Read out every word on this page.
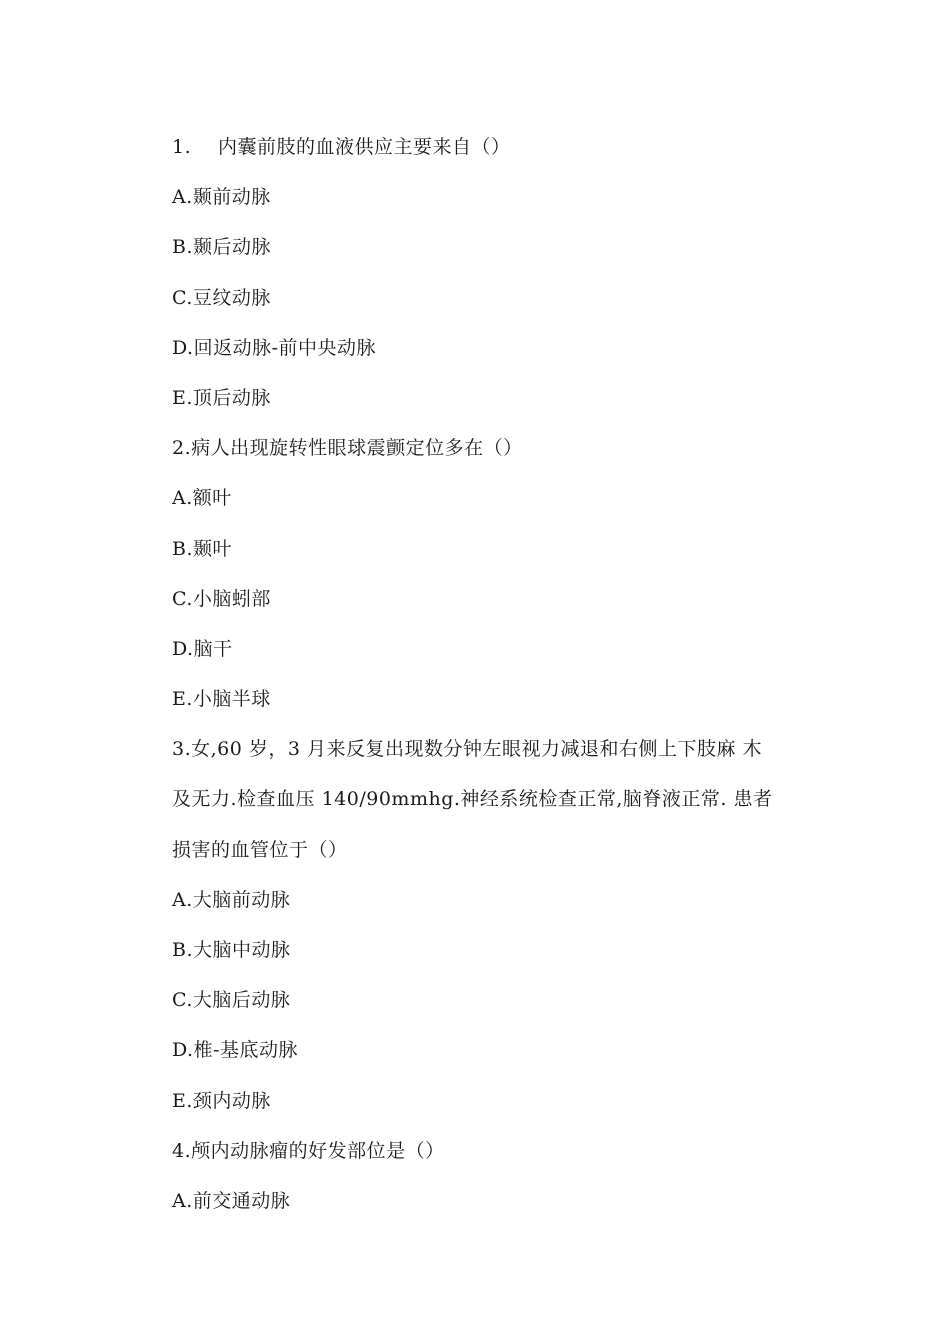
1. 内囊前肢的血液供应主要来自（）
A.颞前动脉
B.颞后动脉
C.豆纹动脉
D.回返动脉-前中央动脉
E.顶后动脉
2.病人出现旋转性眼球震颤定位多在（）
A.额叶
B.颞叶
C.小脑蚓部
D.脑干
E.小脑半球
3.女,60 岁，3 月来反复出现数分钟左眼视力减退和右侧上下肢麻 木
及无力.检查血压 140/90mmhg.神经系统检查正常,脑脊液正常. 患者
损害的血管位于（）
A.大脑前动脉
B.大脑中动脉
C.大脑后动脉
D.椎-基底动脉
E.颈内动脉
4.颅内动脉瘤的好发部位是（）
A.前交通动脉
